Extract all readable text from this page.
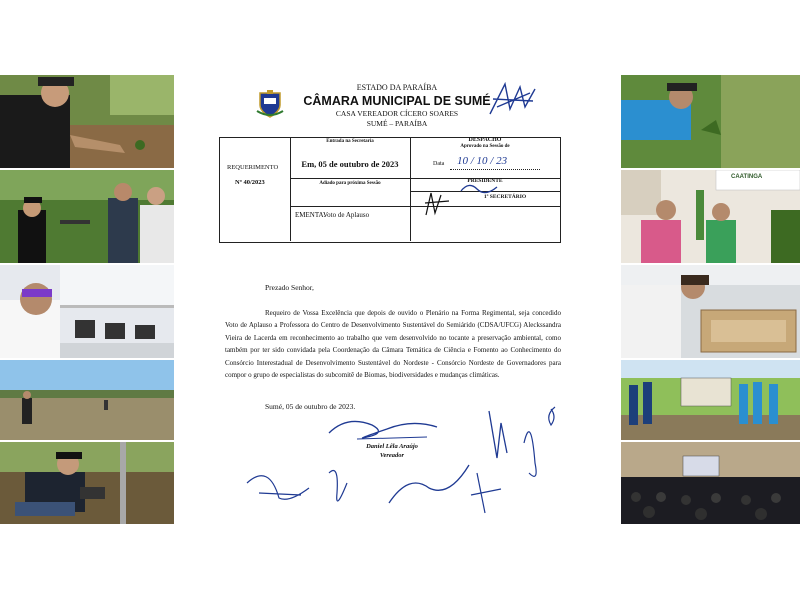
ESTADO DA PARAÍBA
CÂMARA MUNICIPAL DE SUMÉ
CASA VEREADOR CÍCERO SOARES
SUMÉ – PARAÍBA
REQUERIMENTO
Nº 40/2023
Entrada na Secretaria
Em, 05 de outubro de 2023
Adiado para próxima Sessão
DESPACHO
Aprovado na Sessão de
Data 10 / 10 / 23
PRESIDENTE
1º SECRETÁRIO
EMENTA:
Voto de Aplauso
Prezado Senhor,
Requeiro de Vossa Excelência que depois de ouvido o Plenário na Forma Regimental, seja concedido Voto de Aplauso a Professora do Centro de Desenvolvimento Sustentável do Semiárido (CDSA/UFCG) Aleckssandra Vieira de Lacerda em reconhecimento ao trabalho que vem desenvolvido no tocante a preservação ambiental, como também por ter sido convidada pela Coordenação da Câmara Temática de Ciência e Fomento ao Conhecimento do Consórcio Interestadual de Desenvolvimento Sustentável do Nordeste - Consórcio Nordeste de Governadores para compor o grupo de especialistas do subcomitê de Biomas, biodiversidades e mudanças climáticas.
Sumé, 05 de outubro de 2023.
Daniel Lêla Araújo
Vereador
CAATINGA
